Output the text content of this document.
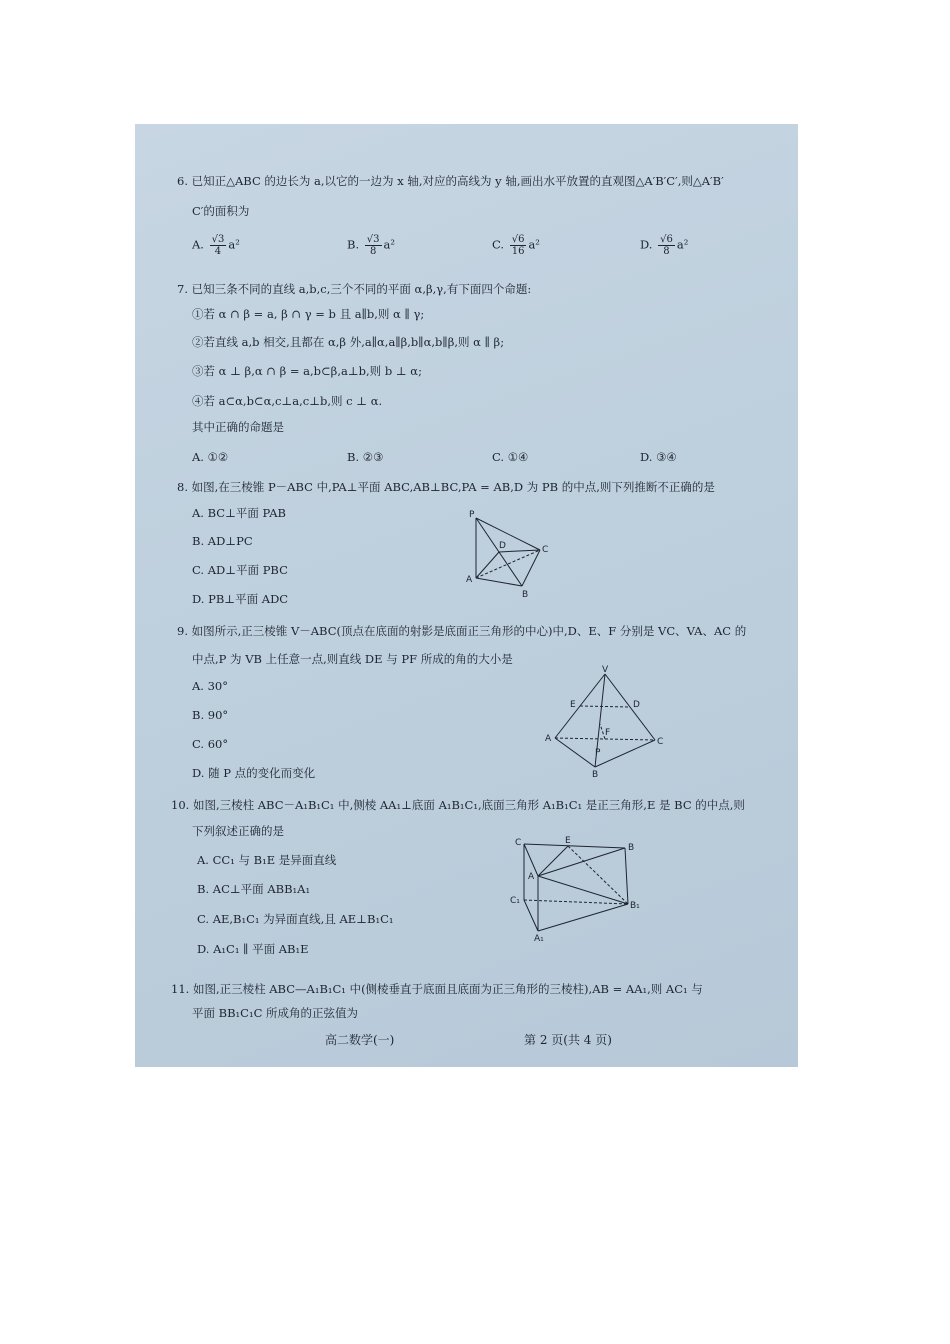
6. 已知正△ABC 的边长为 a,以它的一边为 x 轴,对应的高线为 y 轴,画出水平放置的直观图△A′B′C′,则△A′B′
C′的面积为
A. $\frac{√3}{4} a^2$	B. $\frac{√3}{8} a^2$	C. $\frac{√6}{16} a^2$	D. $\frac{√6}{8} a^2$
7. 已知三条不同的直线 a,b,c,三个不同的平面 α,β,γ,有下面四个命题:
①若 α ∩ β = a, β ∩ γ = b 且 a∥b,则 α ∥ γ;
②若直线 a,b 相交,且都在 α,β 外,a∥α,a∥β,b∥α,b∥β,则 α ∥ β;
③若 α ⊥ β,α ∩ β = a,b⊂β,a⊥b,则 b ⊥ α;
④若 a⊂α,b⊂α,c⊥a,c⊥b,则 c ⊥ α.
其中正确的命题是
A. ①②	B. ②③	C. ①④	D. ③④
8. 如图,在三棱锥 P－ABC 中,PA⊥平面 ABC,AB⊥BC,PA = AB,D 为 PB 的中点,则下列推断不正确的是
A. BC⊥平面 PAB
B. AD⊥PC
C. AD⊥平面 PBC
D. PB⊥平面 ADC
P
D	C
A
B
9. 如图所示,正三棱锥 V－ABC(顶点在底面的射影是底面正三角形的中心)中,D、E、F 分别是 VC、VA、AC 的
中点,P 为 VB 上任意一点,则直线 DE 与 PF 所成的角的大小是
A. 30°
B. 90°
C. 60°
D. 随 P 点的变化而变化
V
E	D
F
A	C
P
B
10. 如图,三棱柱 ABC－A₁B₁C₁ 中,侧棱 AA₁⊥底面 A₁B₁C₁,底面三角形 A₁B₁C₁ 是正三角形,E 是 BC 的中点,则
下列叙述正确的是
A. CC₁ 与 B₁E 是异面直线
B. AC⊥平面 ABB₁A₁
C. AE,B₁C₁ 为异面直线,且 AE⊥B₁C₁
D. A₁C₁ ∥ 平面 AB₁E
C	E
B
A
C₁	B₁
A₁
11. 如图,正三棱柱 ABC—A₁B₁C₁ 中(侧棱垂直于底面且底面为正三角形的三棱柱),AB = AA₁,则 AC₁ 与
平面 BB₁C₁C 所成角的正弦值为
高二数学(一)	第 2 页(共 4 页)
